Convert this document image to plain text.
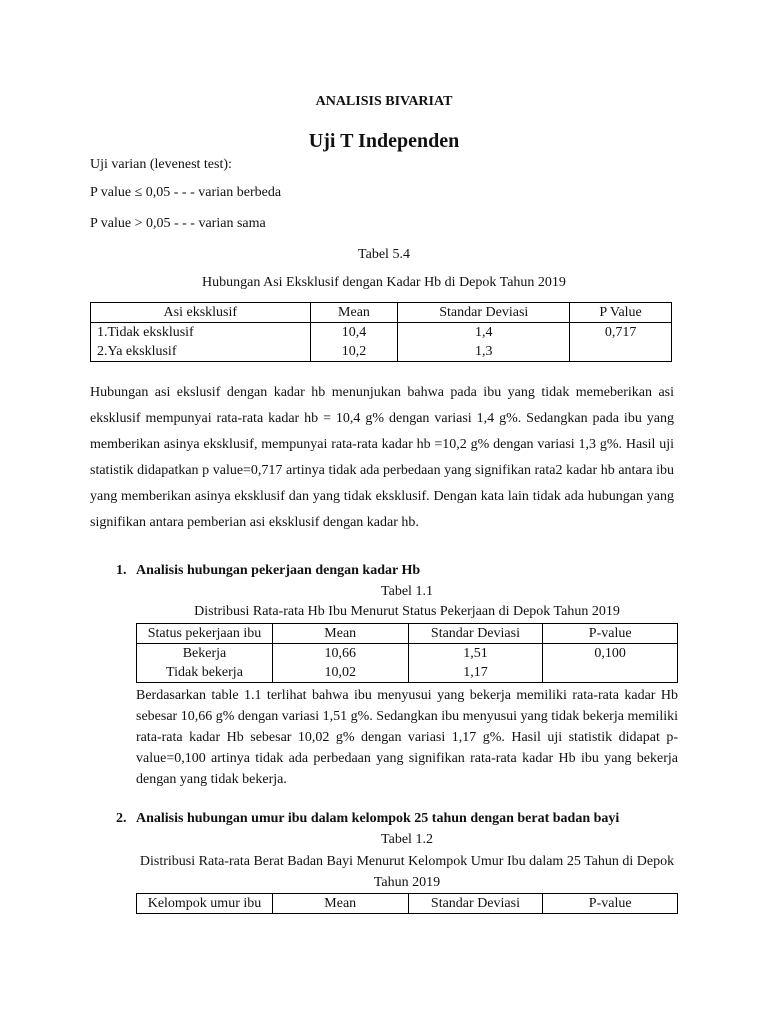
ANALISIS BIVARIAT
Uji T Independen
Uji varian (levenest test):
P value ≤ 0,05 - - - varian berbeda
P value > 0,05 - - - varian sama
Tabel 5.4
Hubungan Asi Eksklusif dengan Kadar Hb di Depok Tahun 2019
Asi eksklusif	Mean	Standar Deviasi	P Value
1.Tidak eksklusif	10,4	1,4	0,717
2.Ya eksklusif	10,2	1,3	
Hubungan asi ekslusif dengan kadar hb menunjukan bahwa pada ibu yang tidak memeberikan asi eksklusif mempunyai rata-rata kadar hb = 10,4 g% dengan variasi 1,4 g%. Sedangkan pada ibu yang memberikan asinya eksklusif, mempunyai rata-rata kadar hb =10,2 g% dengan variasi 1,3 g%. Hasil uji statistik didapatkan p value=0,717 artinya tidak ada perbedaan yang signifikan rata2 kadar hb antara ibu yang memberikan asinya eksklusif dan yang tidak eksklusif. Dengan kata lain tidak ada hubungan yang signifikan antara pemberian asi eksklusif dengan kadar hb.
1. Analisis hubungan pekerjaan dengan kadar Hb
Tabel 1.1
Distribusi Rata-rata Hb Ibu Menurut Status Pekerjaan di Depok Tahun 2019
Status pekerjaan ibu	Mean	Standar Deviasi	P-value
Bekerja	10,66	1,51	0,100
Tidak bekerja	10,02	1,17	
Berdasarkan table 1.1 terlihat bahwa ibu menyusui yang bekerja memiliki rata-rata kadar Hb sebesar 10,66 g% dengan variasi 1,51 g%. Sedangkan ibu menyusui yang tidak bekerja memiliki rata-rata kadar Hb sebesar 10,02 g% dengan variasi 1,17 g%. Hasil uji statistik didapat p-value=0,100 artinya tidak ada perbedaan yang signifikan rata-rata kadar Hb ibu yang bekerja dengan yang tidak bekerja.
2. Analisis hubungan umur ibu dalam kelompok 25 tahun dengan berat badan bayi
Tabel 1.2
Distribusi Rata-rata Berat Badan Bayi Menurut Kelompok Umur Ibu dalam 25 Tahun di Depok Tahun 2019
Kelompok umur ibu	Mean	Standar Deviasi	P-value
